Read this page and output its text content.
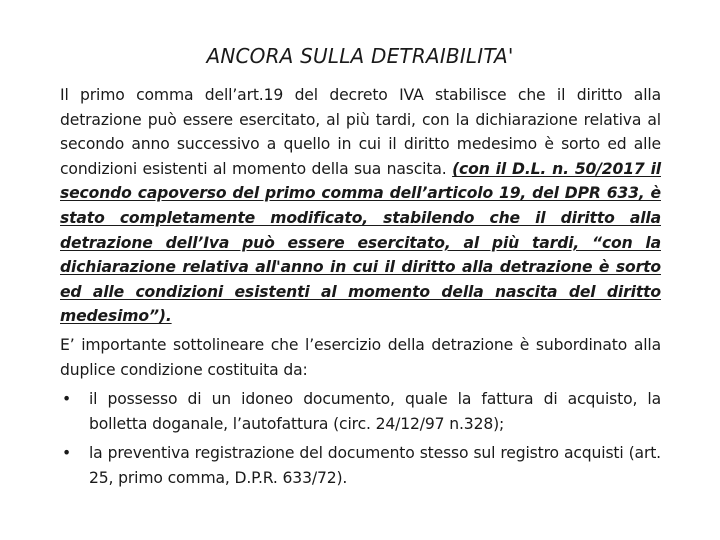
ANCORA SULLA DETRAIBILITA'

Il primo comma dell’art.19 del decreto IVA stabilisce che il diritto alla detrazione può essere esercitato, al più tardi, con la dichiarazione relativa al secondo anno successivo a quello in cui il diritto medesimo è sorto ed alle condizioni esistenti al momento della sua nascita. (con il D.L. n. 50/2017 il secondo capoverso del primo comma dell’articolo 19, del DPR 633, è stato completamente modificato, stabilendo che il diritto alla detrazione dell’Iva può essere esercitato, al più tardi, “con la dichiarazione relativa all'anno in cui il diritto alla detrazione è sorto ed alle condizioni esistenti al momento della nascita del diritto medesimo”).

E’ importante sottolineare che l’esercizio della detrazione è subordinato alla duplice condizione costituita da:

• il possesso di un idoneo documento, quale la fattura di acquisto, la bolletta doganale, l’autofattura (circ. 24/12/97 n.328);
• la preventiva registrazione del documento stesso sul registro acquisti (art. 25, primo comma, D.P.R. 633/72).
